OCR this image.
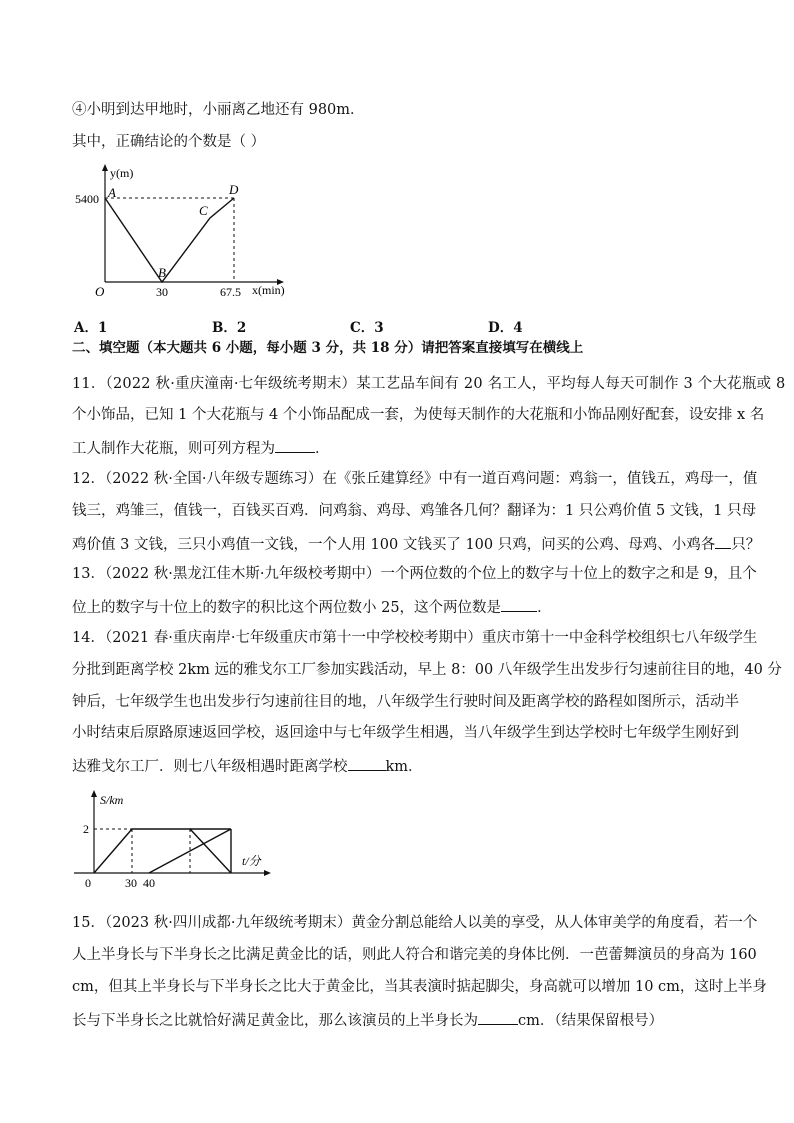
④小明到达甲地时，小丽离乙地还有 980m．
其中，正确结论的个数是（ ）
y(m)
5400 A
B
C
D
O	30	67.5 x(min)
A．1	B．2	C．3	D．4
二、填空题（本大题共 6 小题，每小题 3 分，共 18 分）请把答案直接填写在横线上
11．（2022 秋·重庆潼南·七年级统考期末）某工艺品车间有 20 名工人，平均每人每天可制作 3 个大花瓶或 8
个小饰品，已知 1 个大花瓶与 4 个小饰品配成一套，为使每天制作的大花瓶和小饰品刚好配套，设安排 x 名
工人制作大花瓶，则可列方程为	．
12．（2022 秋·全国·八年级专题练习）在《张丘建算经》中有一道百鸡问题：鸡翁一，值钱五，鸡母一，值
钱三，鸡雏三，值钱一，百钱买百鸡．问鸡翁、鸡母、鸡雏各几何？翻译为：1 只公鸡价值 5 文钱，1 只母
鸡价值 3 文钱，三只小鸡值一文钱，一个人用 100 文钱买了 100 只鸡，问买的公鸡、母鸡、小鸡各 只？
13．（2022 秋·黑龙江佳木斯·九年级校考期中）一个两位数的个位上的数字与十位上的数字之和是 9，且个
位上的数字与十位上的数字的积比这个两位数小 25，这个两位数是 ．
14．（2021 春·重庆南岸·七年级重庆市第十一中学校校考期中）重庆市第十一中金科学校组织七八年级学生
分批到距离学校 2km 远的雅戈尔工厂参加实践活动，早上 8：00 八年级学生出发步行匀速前往目的地，40 分
钟后，七年级学生也出发步行匀速前往目的地，八年级学生行驶时间及距离学校的路程如图所示，活动半
小时结束后原路原速返回学校，返回途中与七年级学生相遇，当八年级学生到达学校时七年级学生刚好到
达雅戈尔工厂．则七八年级相遇时距离学校	km．
S/km
2
t/分
0	30 40
15．（2023 秋·四川成都·九年级统考期末）黄金分割总能给人以美的享受，从人体审美学的角度看，若一个
人上半身长与下半身长之比满足黄金比的话，则此人符合和谐完美的身体比例．一芭蕾舞演员的身高为 160
cm，但其上半身长与下半身长之比大于黄金比，当其表演时掂起脚尖，身高就可以增加 10 cm，这时上半身
长与下半身长之比就恰好满足黄金比，那么该演员的上半身长为	cm．（结果保留根号）
